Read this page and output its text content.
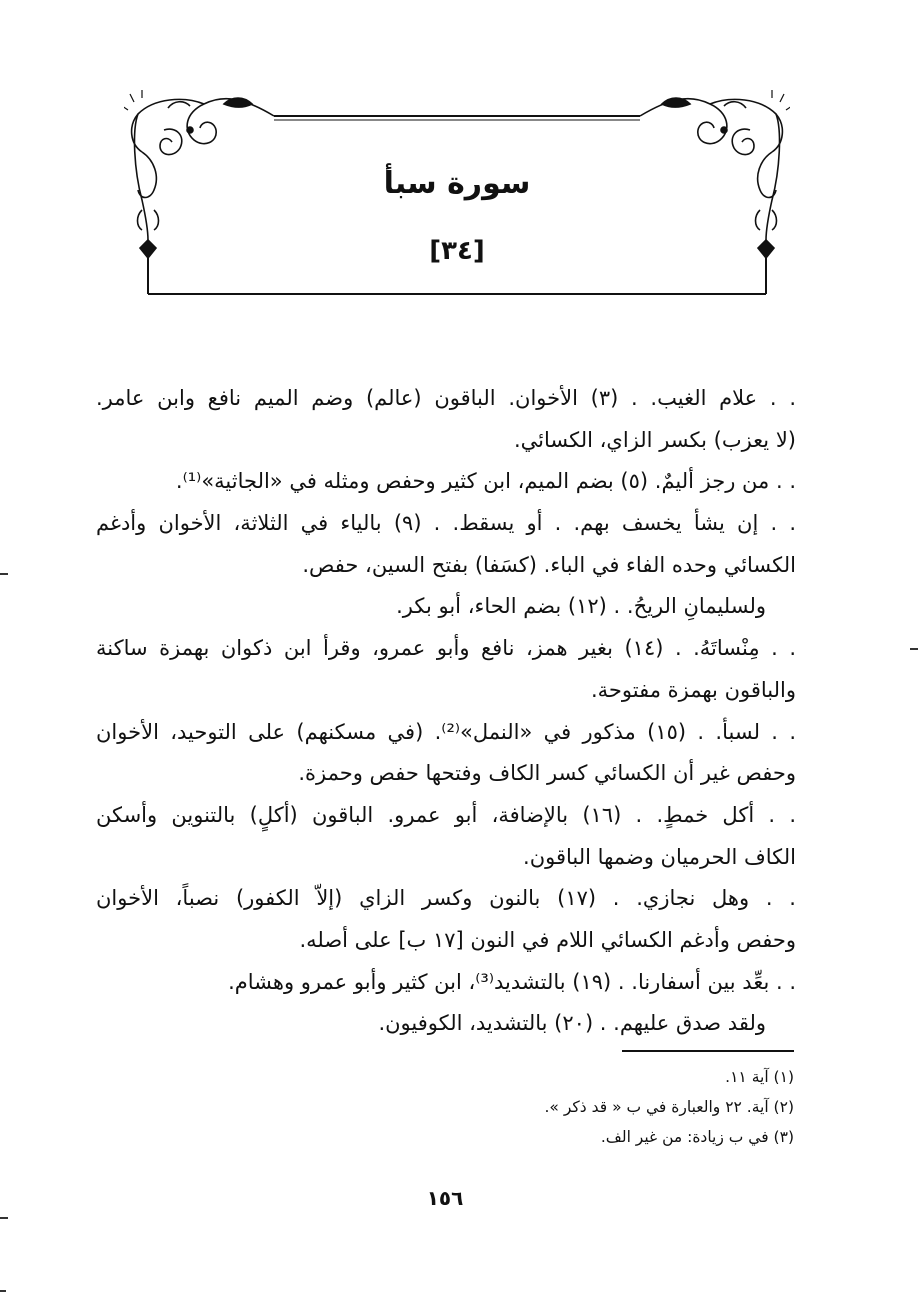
سورة سبأ
[٣٤]
. . علام الغيب. . (٣) الأخوان. الباقون (عالم) وضم الميم نافع وابن عامر.
(لا يعزب) بكسر الزاي، الكسائي.
. . من رجز أليمٌ. (٥) بضم الميم، ابن كثير وحفص ومثله في «الجاثية»⁽¹⁾.
. . إن يشأ يخسف بهم. . أو يسقط. . (٩) بالياء في الثلاثة، الأخوان وأدغم
الكسائي وحده الفاء في الباء. (كسَفا) بفتح السين، حفص.
ولسليمانِ الريحُ. . (١٢) بضم الحاء، أبو بكر.
. . مِنْساتَهُ. . (١٤) بغير همز، نافع وأبو عمرو، وقرأ ابن ذكوان بهمزة ساكنة
والباقون بهمزة مفتوحة.
. . لسبأ. . (١٥) مذكور في «النمل»⁽²⁾. (في مسكنهم) على التوحيد، الأخوان
وحفص غير أن الكسائي كسر الكاف وفتحها حفص وحمزة.
. . أكل خمطٍ. . (١٦) بالإضافة، أبو عمرو. الباقون (أكلٍ) بالتنوين وأسكن
الكاف الحرميان وضمها الباقون.
. . وهل نجازي. . (١٧) بالنون وكسر الزاي (إلاّ الكفور) نصباً، الأخوان
وحفص وأدغم الكسائي اللام في النون [١٧ ب] على أصله.
. . بعِّد بين أسفارنا. . (١٩) بالتشديد⁽³⁾، ابن كثير وأبو عمرو وهشام.
ولقد صدق عليهم. . (٢٠) بالتشديد، الكوفيون.
(١) آية ١١.
(٢) آية. ٢٢ والعبارة في ب « قد ذكر ».
(٣) في ب زيادة: من غير الف.
١٥٦
